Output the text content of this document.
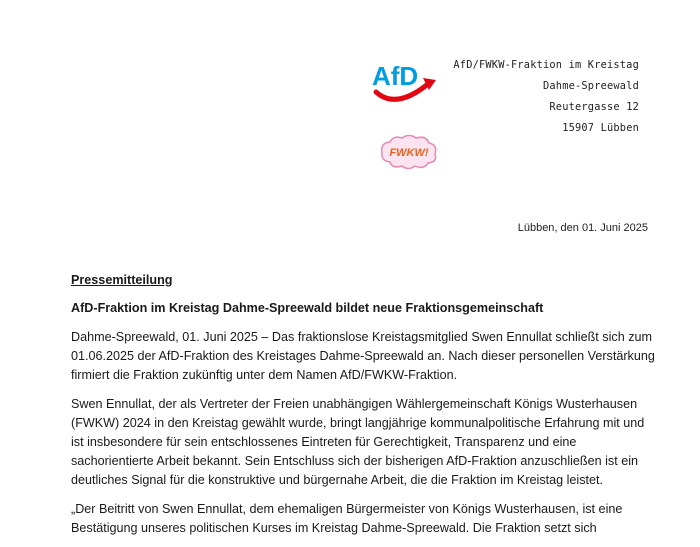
AfD
FWKW!
AfD/FWKW-Fraktion im Kreistag
Dahme-Spreewald
Reutergasse 12
15907 Lübben
Lübben, den 01. Juni 2025

Pressemitteilung

AfD-Fraktion im Kreistag Dahme-Spreewald bildet neue Fraktionsgemeinschaft

Dahme-Spreewald, 01. Juni 2025 – Das fraktionslose Kreistagsmitglied Swen Ennullat schließt sich zum 01.06.2025 der AfD-Fraktion des Kreistages Dahme-Spreewald an. Nach dieser personellen Verstärkung firmiert die Fraktion zukünftig unter dem Namen AfD/FWKW-Fraktion.

Swen Ennullat, der als Vertreter der Freien unabhängigen Wählergemeinschaft Königs Wusterhausen (FWKW) 2024 in den Kreistag gewählt wurde, bringt langjährige kommunalpolitische Erfahrung mit und ist insbesondere für sein entschlossenes Eintreten für Gerechtigkeit, Transparenz und eine sachorientierte Arbeit bekannt. Sein Entschluss sich der bisherigen AfD-Fraktion anzuschließen ist ein deutliches Signal für die konstruktive und bürgernahe Arbeit, die die Fraktion im Kreistag leistet.

„Der Beitritt von Swen Ennullat, dem ehemaligen Bürgermeister von Königs Wusterhausen, ist eine Bestätigung unseres politischen Kurses im Kreistag Dahme-Spreewald. Die Fraktion setzt sich
